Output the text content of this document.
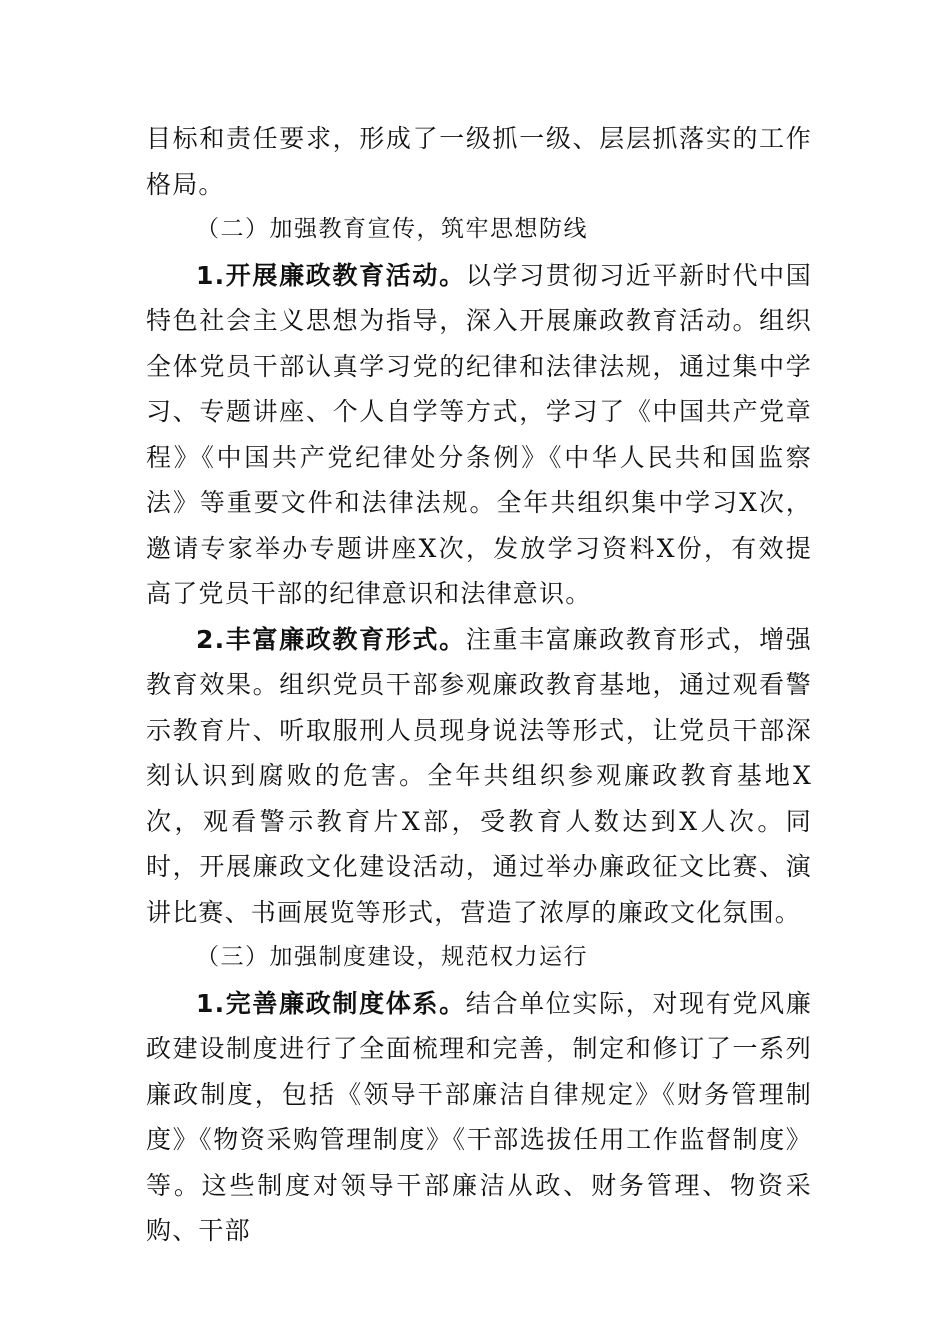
目标和责任要求，形成了一级抓一级、层层抓落实的工作格局。

（二）加强教育宣传，筑牢思想防线

1.开展廉政教育活动。以学习贯彻习近平新时代中国特色社会主义思想为指导，深入开展廉政教育活动。组织全体党员干部认真学习党的纪律和法律法规，通过集中学习、专题讲座、个人自学等方式，学习了《中国共产党章程》《中国共产党纪律处分条例》《中华人民共和国监察法》等重要文件和法律法规。全年共组织集中学习X次，邀请专家举办专题讲座X次，发放学习资料X份，有效提高了党员干部的纪律意识和法律意识。

2.丰富廉政教育形式。注重丰富廉政教育形式，增强教育效果。组织党员干部参观廉政教育基地，通过观看警示教育片、听取服刑人员现身说法等形式，让党员干部深刻认识到腐败的危害。全年共组织参观廉政教育基地X次，观看警示教育片X部，受教育人数达到X人次。同时，开展廉政文化建设活动，通过举办廉政征文比赛、演讲比赛、书画展览等形式，营造了浓厚的廉政文化氛围。

（三）加强制度建设，规范权力运行

1.完善廉政制度体系。结合单位实际，对现有党风廉政建设制度进行了全面梳理和完善，制定和修订了一系列廉政制度，包括《领导干部廉洁自律规定》《财务管理制度》《物资采购管理制度》《干部选拔任用工作监督制度》等。这些制度对领导干部廉洁从政、财务管理、物资采购、干部
